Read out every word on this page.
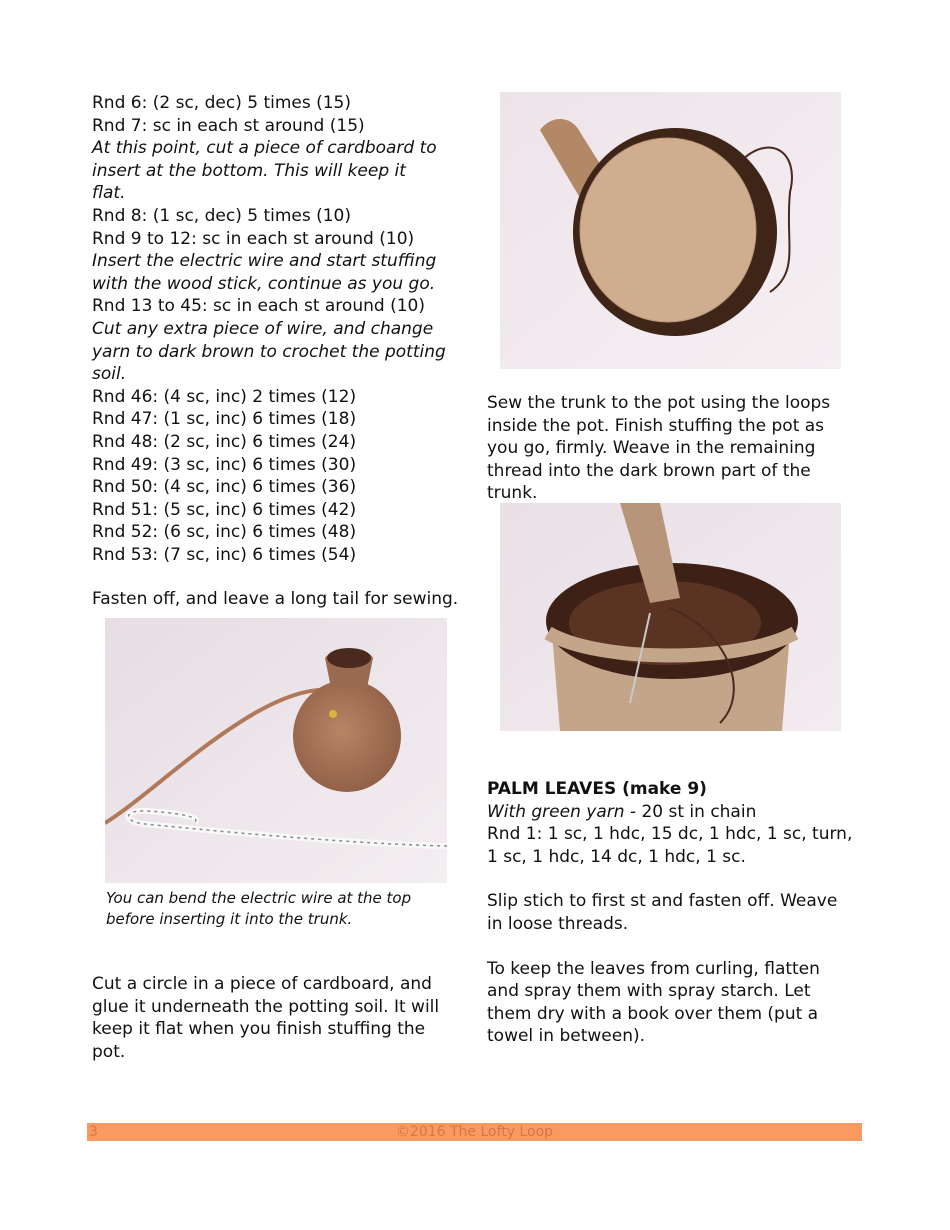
Rnd 6: (2 sc, dec) 5 times (15)
Rnd 7: sc in each st around (15)
At this point, cut a piece of cardboard to insert at the bottom. This will keep it flat.
Rnd 8: (1 sc, dec) 5 times (10)
Rnd 9 to 12: sc in each st around (10)
Insert the electric wire and start stuffing with the wood stick, continue as you go.
Rnd 13 to 45: sc in each st around (10)
Cut any extra piece of wire, and change yarn to dark brown to crochet the potting soil.
Rnd 46: (4 sc, inc) 2 times (12)
Rnd 47: (1 sc, inc) 6 times (18)
Rnd 48: (2 sc, inc) 6 times (24)
Rnd 49: (3 sc, inc) 6 times (30)
Rnd 50: (4 sc, inc) 6 times (36)
Rnd 51: (5 sc, inc) 6 times (42)
Rnd 52: (6 sc, inc) 6 times (48)
Rnd 53: (7 sc, inc) 6 times (54)
Fasten off, and leave a long tail for sewing.
You can bend the electric wire at the top before inserting it into the trunk.
Cut a circle in a piece of cardboard, and glue it underneath the potting soil. It will keep it flat when you finish stuffing the pot.
Sew the trunk to the pot using the loops inside the pot. Finish stuffing the pot as you go, firmly. Weave in the remaining thread into the dark brown part of the trunk.
PALM LEAVES (make 9)
With green yarn - 20 st in chain
Rnd 1: 1 sc, 1 hdc, 15 dc, 1 hdc, 1 sc, turn, 1 sc, 1 hdc, 14 dc, 1 hdc, 1 sc.
Slip stich to first st and fasten off. Weave in loose threads.
To keep the leaves from curling, flatten and spray them with spray starch. Let them dry with a book over them (put a towel in between).
3	©2016 The Lofty Loop
